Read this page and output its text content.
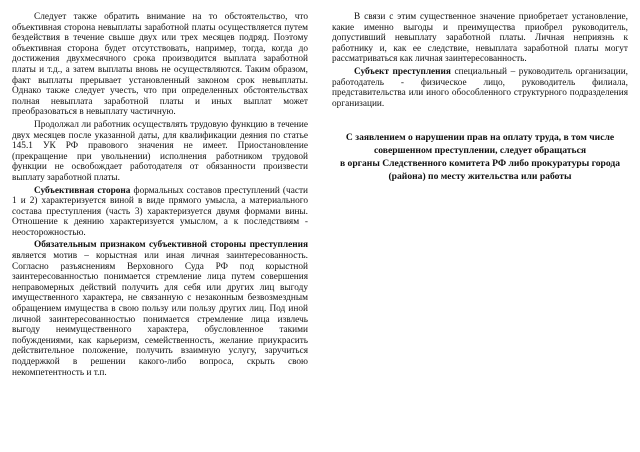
Следует также обратить внимание на то обстоятельство, что объективная сторона невыплаты заработной платы осуществляется путем бездействия в течение свыше двух или трех месяцев подряд. Поэтому объективная сторона будет отсутствовать, например, тогда, когда до достижения двухмесячного срока производится выплата заработной платы и т.д., а затем выплаты вновь не осуществляются. Таким образом, факт выплаты прерывает установленный законом срок невыплаты. Однако также следует учесть, что при определенных обстоятельствах полная невыплата заработной платы и иных выплат может преобразоваться в невыплату частичную.

Продолжал ли работник осуществлять трудовую функцию в течение двух месяцев после указанной даты, для квалификации деяния по статье 145.1 УК РФ правового значения не имеет. Приостановление (прекращение при увольнении) исполнения работником трудовой функции не освобождает работодателя от обязанности произвести выплату заработной платы.

Субъективная сторона формальных составов преступлений (части 1 и 2) характеризуется виной в виде прямого умысла, а материального состава преступления (часть 3) характеризуется двумя формами вины. Отношение к деянию характеризуется умыслом, а к последствиям - неосторожностью.

Обязательным признаком субъективной стороны преступления является мотив – корыстная или иная личная заинтересованность. Согласно разъяснениям Верховного Суда РФ под корыстной заинтересованностью понимается стремление лица путем совершения неправомерных действий получить для себя или других лиц выгоду имущественного характера, не связанную с незаконным безвозмездным обращением имущества в свою пользу или пользу других лиц. Под иной личной заинтересованностью понимается стремление лица извлечь выгоду неимущественного характера, обусловленное такими побуждениями, как карьеризм, семейственность, желание приукрасить действительное положение, получить взаимную услугу, заручиться поддержкой в решении какого-либо вопроса, скрыть свою некомпетентность и т.п.

В связи с этим существенное значение приобретает установление, какие именно выгоды и преимущества приобрел руководитель, допустивший невыплату заработной платы. Личная неприязнь к работнику и, как ее следствие, невыплата заработной платы могут рассматриваться как личная заинтересованность.

Субъект преступления специальный – руководитель организации, работодатель - физическое лицо, руководитель филиала, представительства или иного обособленного структурного подразделения организации.

С заявлением о нарушении прав на оплату труда, в том числе совершенном преступлении, следует обращаться
в органы Следственного комитета РФ либо прокуратуры города (района) по месту жительства или работы
